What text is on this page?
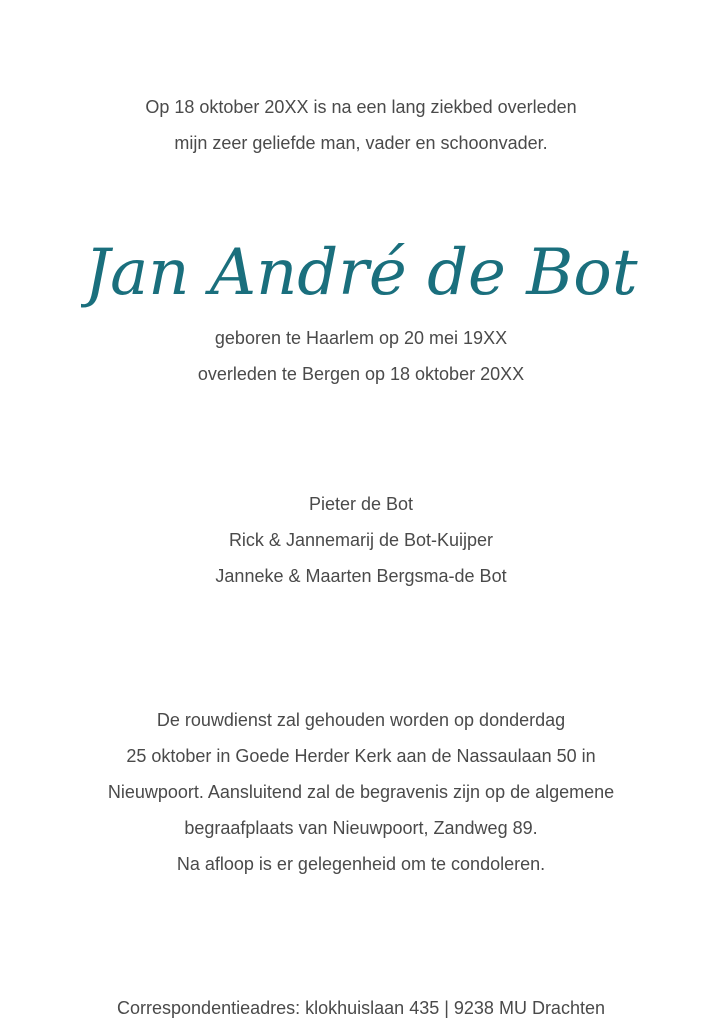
Op 18 oktober 20XX is na een lang ziekbed overleden
mijn zeer geliefde man, vader en schoonvader.
Jan André de Bot
geboren te Haarlem op 20 mei 19XX
overleden te Bergen op 18 oktober 20XX
Pieter de Bot
Rick & Jannemarij de Bot-Kuijper
Janneke & Maarten Bergsma-de Bot
De rouwdienst zal gehouden worden op donderdag
25 oktober in Goede Herder Kerk aan de Nassaulaan 50 in
Nieuwpoort. Aansluitend zal de begravenis zijn op de algemene
begraafplaats van Nieuwpoort, Zandweg 89.
Na afloop is er gelegenheid om te condoleren.
Correspondentieadres: klokhuislaan 435 | 9238 MU Drachten
